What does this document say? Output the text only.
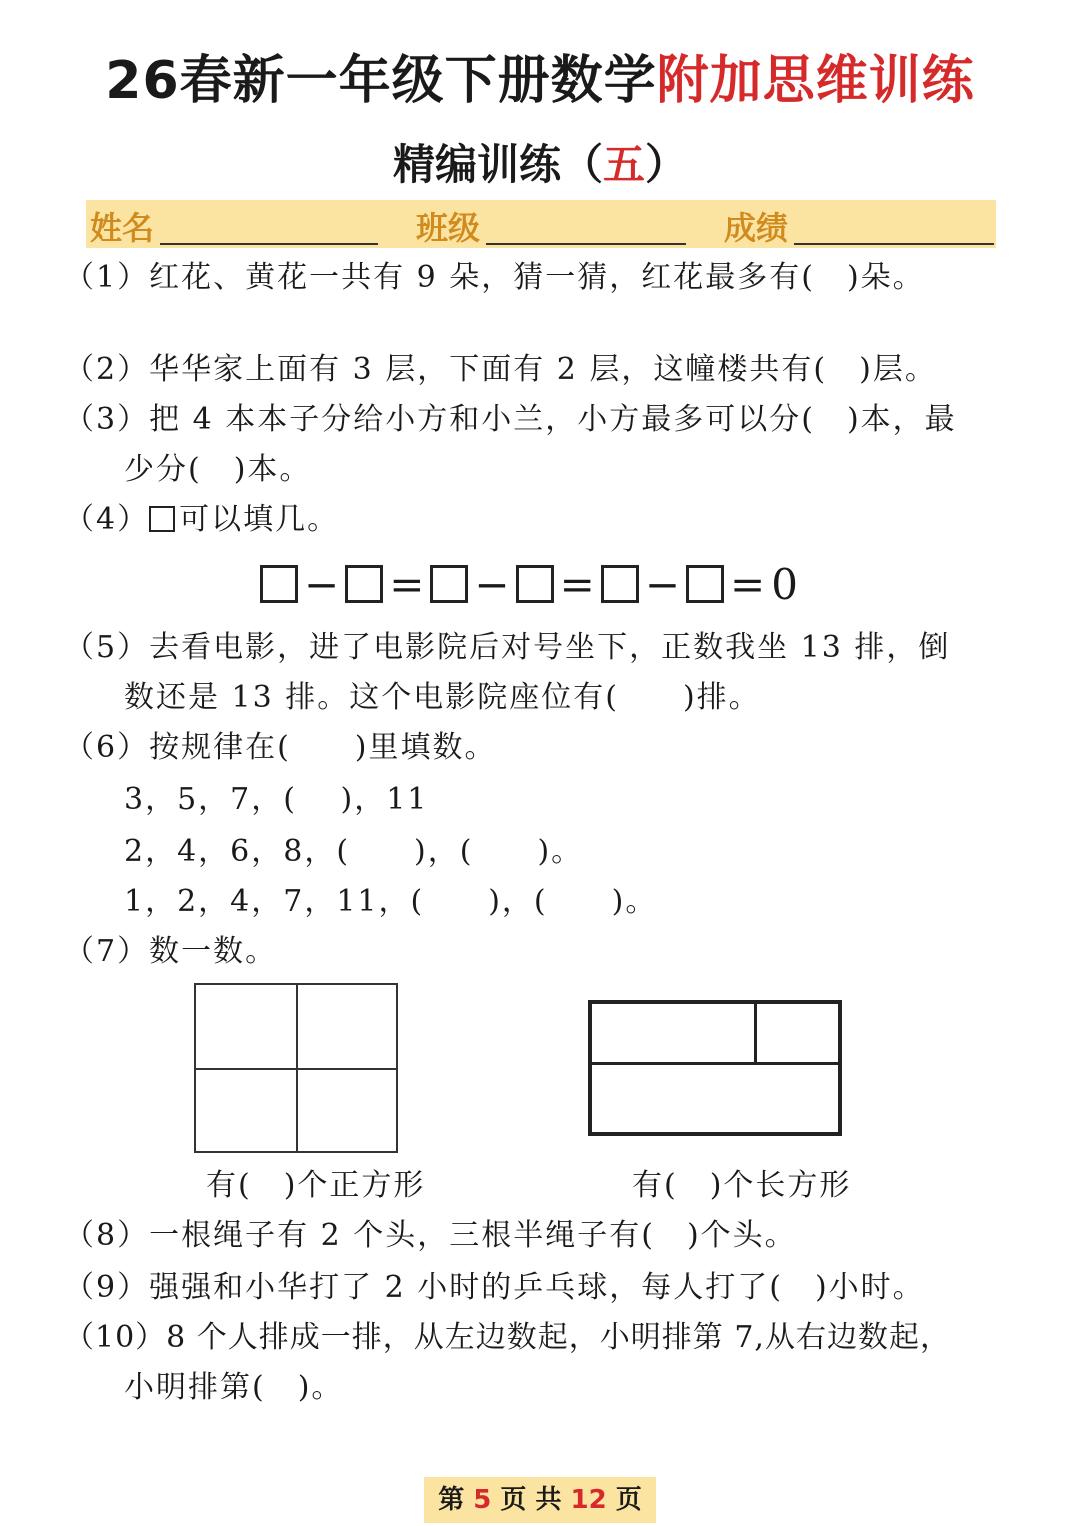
26春新一年级下册数学附加思维训练
精编训练（五）
姓名	班级	成绩
（1）红花、黄花一共有 9 朵，猜一猜，红花最多有(　)朵。
（2）华华家上面有 3 层，下面有 2 层，这幢楼共有(　)层。
（3）把 4 本本子分给小方和小兰，小方最多可以分(　)本，最
少分(　)本。
（4） 可以填几。
− = − = − = 0
（5）去看电影，进了电影院后对号坐下，正数我坐 13 排，倒
数还是 13 排。这个电影院座位有(　　)排。
（6）按规律在(　　)里填数。
3，5，7，(　 )，11
2，4，6，8，(　　)，(　　)。
1，2，4，7，11，(　　)，(　　)。
（7）数一数。
有(　)个正方形	有(　)个长方形
（8）一根绳子有 2 个头，三根半绳子有(　)个头。
（9）强强和小华打了 2 小时的乒乓球，每人打了(　)小时。
（10）8 个人排成一排，从左边数起，小明排第 7,从右边数起，
小明排第(　)。
第 5 页 共 12 页
